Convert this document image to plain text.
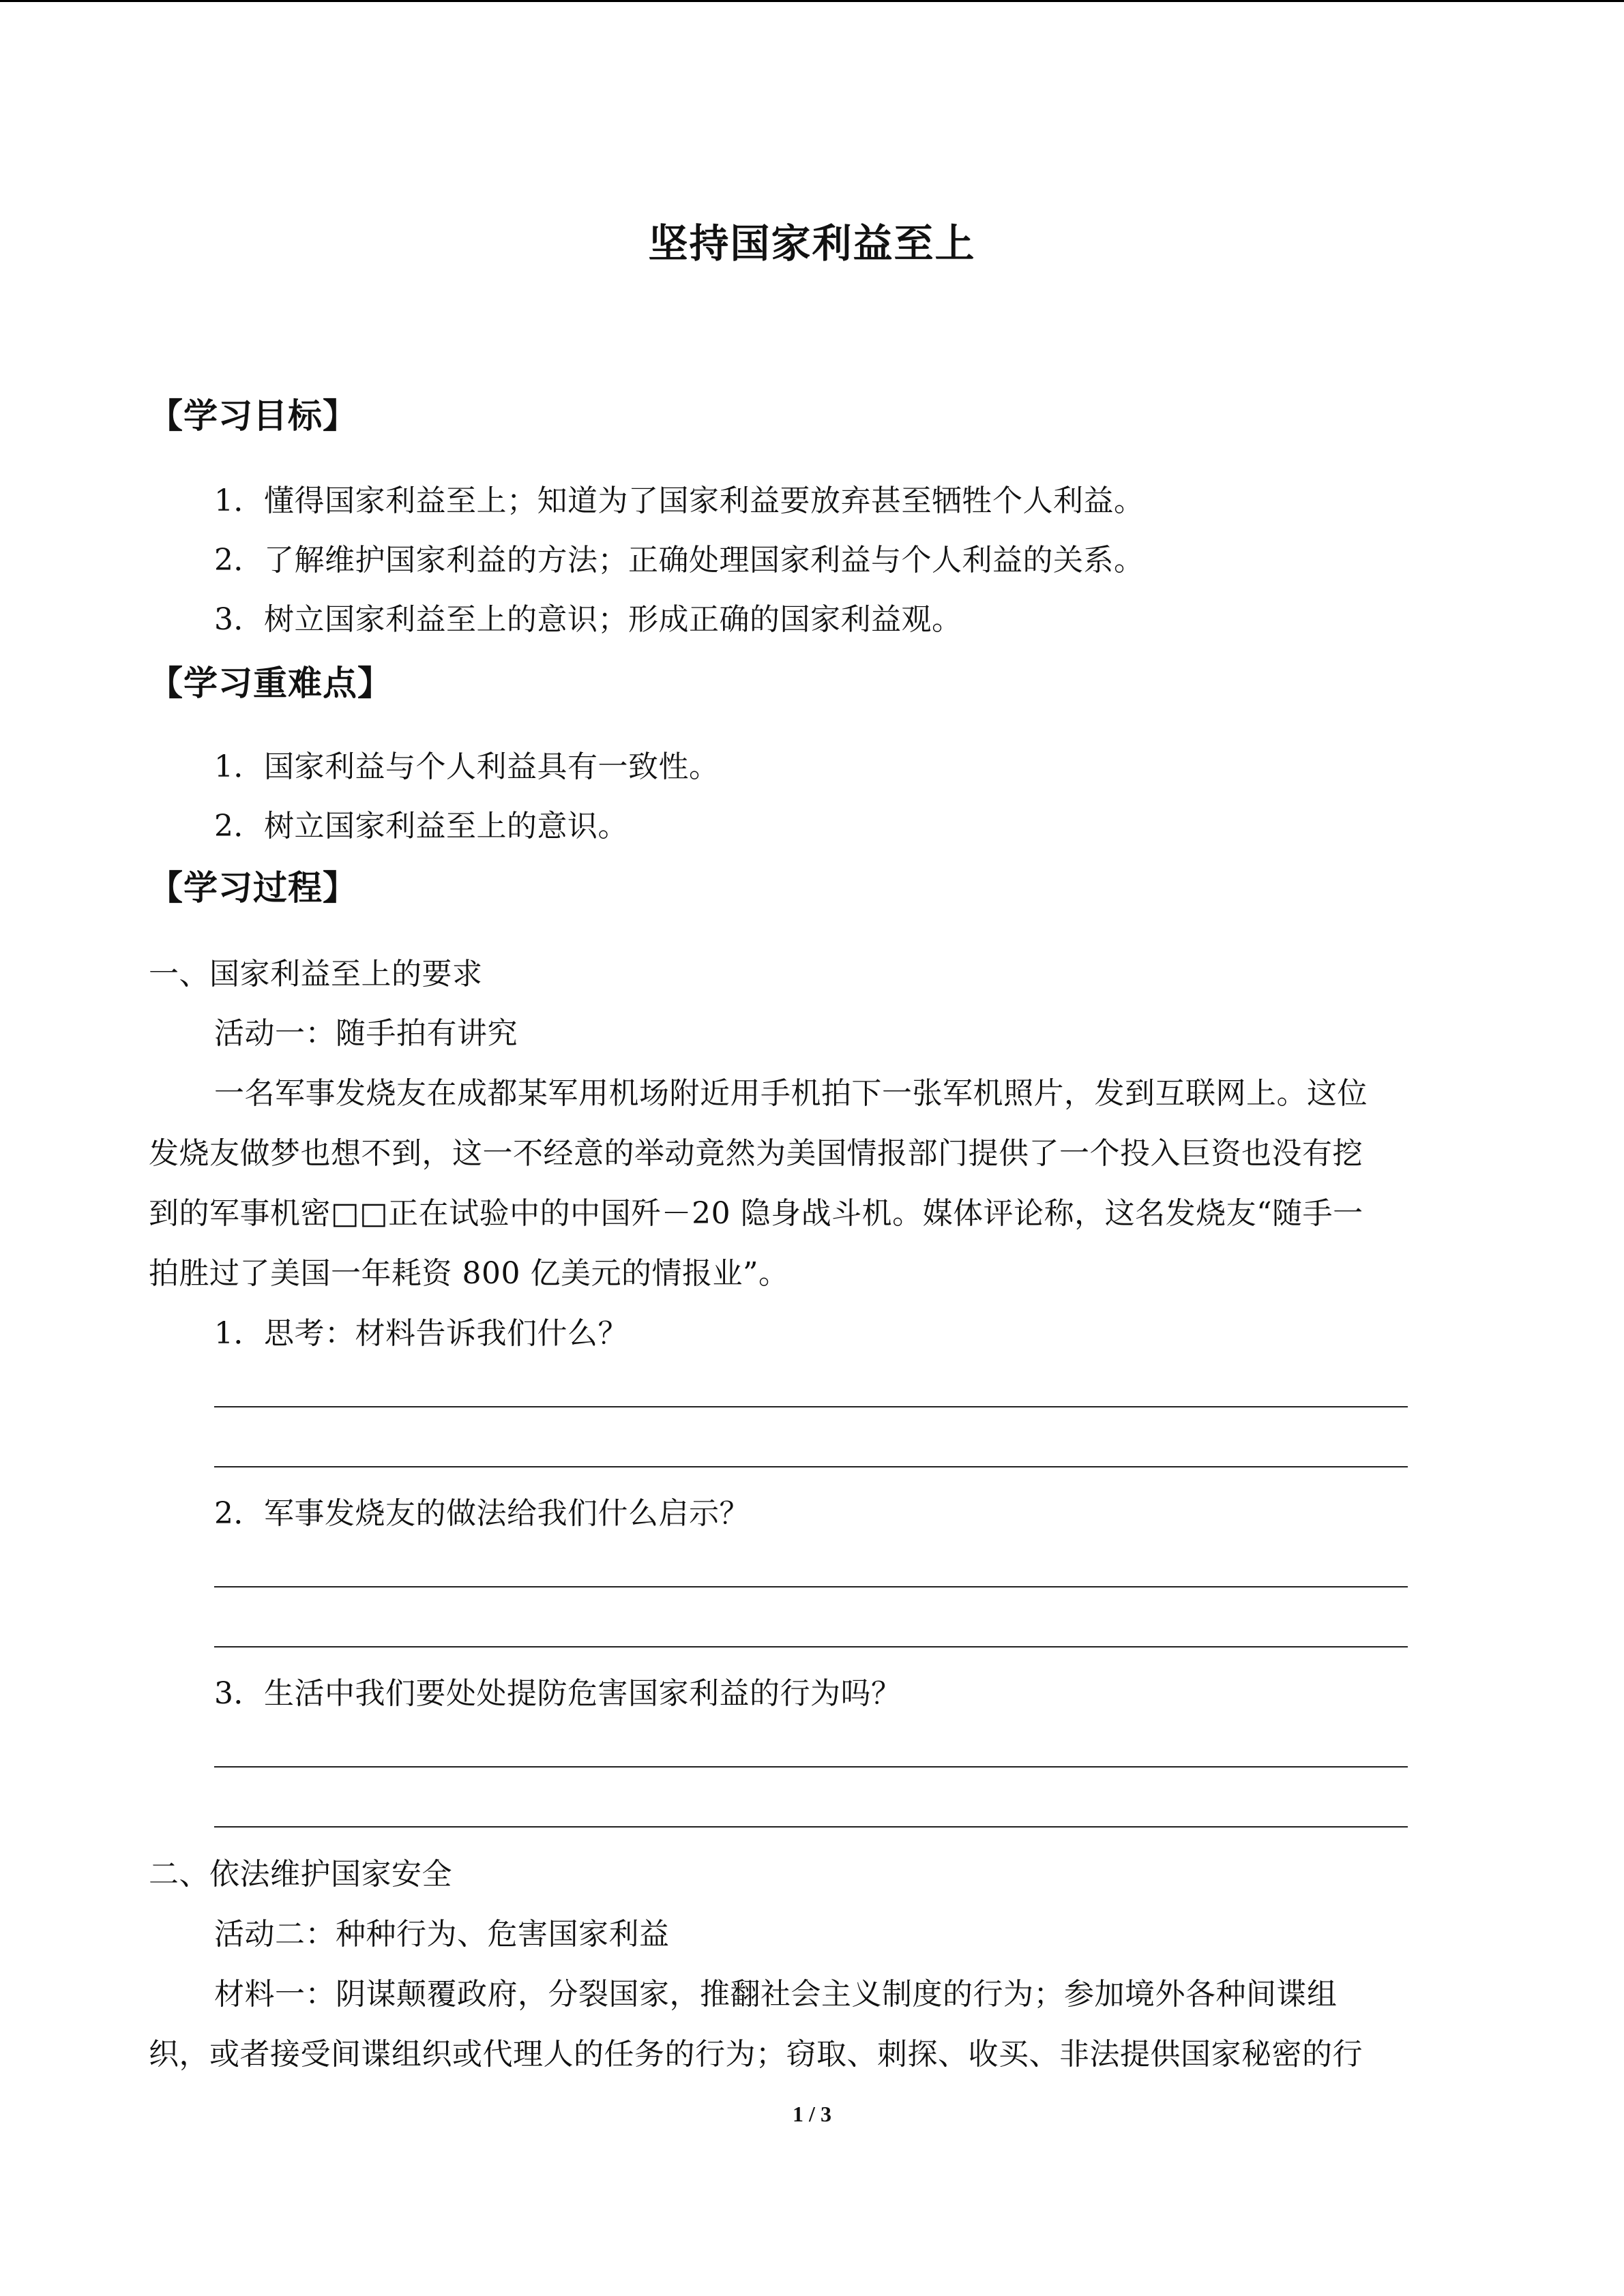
坚持国家利益至上
【学习目标】
1．懂得国家利益至上；知道为了国家利益要放弃甚至牺牲个人利益。
2．了解维护国家利益的方法；正确处理国家利益与个人利益的关系。
3．树立国家利益至上的意识；形成正确的国家利益观。
【学习重难点】
1．国家利益与个人利益具有一致性。
2．树立国家利益至上的意识。
【学习过程】
一、国家利益至上的要求
活动一：随手拍有讲究
一名军事发烧友在成都某军用机场附近用手机拍下一张军机照片，发到互联网上。这位
发烧友做梦也想不到，这一不经意的举动竟然为美国情报部门提供了一个投入巨资也没有挖
到的军事机密□□正在试验中的中国歼－20 隐身战斗机。媒体评论称，这名发烧友“随手一
拍胜过了美国一年耗资 800 亿美元的情报业”。
1．思考：材料告诉我们什么？
2．军事发烧友的做法给我们什么启示？
3．生活中我们要处处提防危害国家利益的行为吗？
二、依法维护国家安全
活动二：种种行为、危害国家利益
材料一：阴谋颠覆政府，分裂国家，推翻社会主义制度的行为；参加境外各种间谍组
织，或者接受间谍组织或代理人的任务的行为；窃取、刺探、收买、非法提供国家秘密的行
1 / 3
